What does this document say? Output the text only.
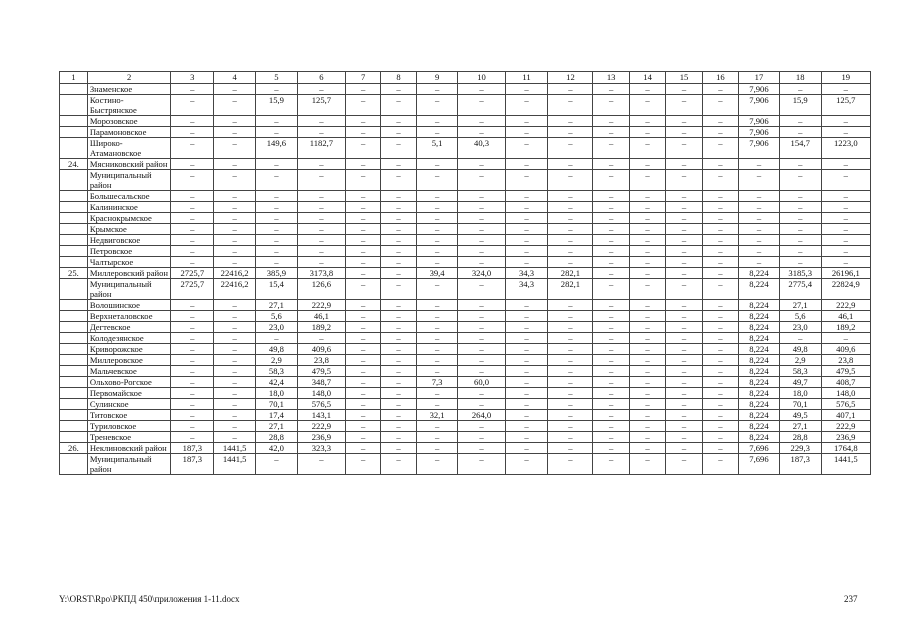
1	2	3	4	5	6	7	8	9	10	11	12	13	14	15	16	17	18	19
	Знаменское	–	–	–	–	–	–	–	–	–	–	–	–	–	–	7,906	–	–
	Костино-Быстрянское	–	–	15,9	125,7	–	–	–	–	–	–	–	–	–	–	7,906	15,9	125,7
	Морозовское	–	–	–	–	–	–	–	–	–	–	–	–	–	–	7,906	–	–
	Парамоновское	–	–	–	–	–	–	–	–	–	–	–	–	–	–	7,906	–	–
	Широко-Атамановское	–	–	149,6	1182,7	–	–	5,1	40,3	–	–	–	–	–	–	7,906	154,7	1223,0
24.	Мясниковский район	–	–	–	–	–	–	–	–	–	–	–	–	–	–	–	–	–
	Муниципальный район	–	–	–	–	–	–	–	–	–	–	–	–	–	–	–	–	–
	Большесальское	–	–	–	–	–	–	–	–	–	–	–	–	–	–	–	–	–
	Калининское	–	–	–	–	–	–	–	–	–	–	–	–	–	–	–	–	–
	Краснокрымское	–	–	–	–	–	–	–	–	–	–	–	–	–	–	–	–	–
	Крымское	–	–	–	–	–	–	–	–	–	–	–	–	–	–	–	–	–
	Недвиговское	–	–	–	–	–	–	–	–	–	–	–	–	–	–	–	–	–
	Петровское	–	–	–	–	–	–	–	–	–	–	–	–	–	–	–	–	–
	Чалтырское	–	–	–	–	–	–	–	–	–	–	–	–	–	–	–	–	–
25.	Миллеровский район	2725,7	22416,2	385,9	3173,8	–	–	39,4	324,0	34,3	282,1	–	–	–	–	8,224	3185,3	26196,1
	Муниципальный район	2725,7	22416,2	15,4	126,6	–	–	–	–	34,3	282,1	–	–	–	–	8,224	2775,4	22824,9
	Волошинское	–	–	27,1	222,9	–	–	–	–	–	–	–	–	–	–	8,224	27,1	222,9
	Верхнеталовское	–	–	5,6	46,1	–	–	–	–	–	–	–	–	–	–	8,224	5,6	46,1
	Дегтевское	–	–	23,0	189,2	–	–	–	–	–	–	–	–	–	–	8,224	23,0	189,2
	Колодезянское	–	–	–	–	–	–	–	–	–	–	–	–	–	–	8,224	–	–
	Криворожское	–	–	49,8	409,6	–	–	–	–	–	–	–	–	–	–	8,224	49,8	409,6
	Миллеровское	–	–	2,9	23,8	–	–	–	–	–	–	–	–	–	–	8,224	2,9	23,8
	Мальчевское	–	–	58,3	479,5	–	–	–	–	–	–	–	–	–	–	8,224	58,3	479,5
	Ольхово-Рогское	–	–	42,4	348,7	–	–	7,3	60,0	–	–	–	–	–	–	8,224	49,7	408,7
	Первомайское	–	–	18,0	148,0	–	–	–	–	–	–	–	–	–	–	8,224	18,0	148,0
	Сулинское	–	–	70,1	576,5	–	–	–	–	–	–	–	–	–	–	8,224	70,1	576,5
	Титовское	–	–	17,4	143,1	–	–	32,1	264,0	–	–	–	–	–	–	8,224	49,5	407,1
	Туриловское	–	–	27,1	222,9	–	–	–	–	–	–	–	–	–	–	8,224	27,1	222,9
	Треневское	–	–	28,8	236,9	–	–	–	–	–	–	–	–	–	–	8,224	28,8	236,9
26.	Неклиновский район	187,3	1441,5	42,0	323,3	–	–	–	–	–	–	–	–	–	–	7,696	229,3	1764,8
	Муниципальный район	187,3	1441,5	–	–	–	–	–	–	–	–	–	–	–	–	7,696	187,3	1441,5
Y:\ORST\Rpo\РКПД 450\приложения 1-11.docx	237
